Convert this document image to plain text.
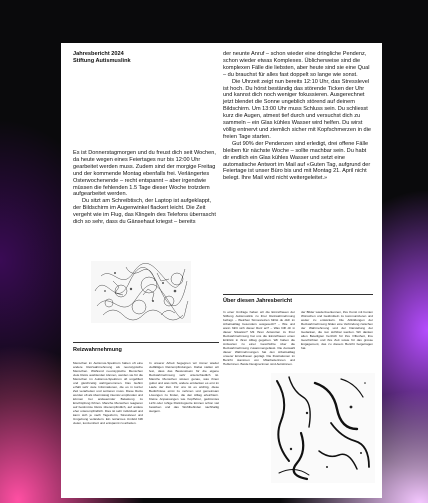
Jahresbericht 2024
Stiftung Autismuslink

Es ist Donnerstagmorgen und du freust dich seit Wochen, da heute wegen eines Feiertages nur bis 12:00 Uhr gearbeitet werden muss. Zudem sind der morgige Freitag und der kommende Montag ebenfalls frei. Verlängertes Osterwochenende – recht entspannt – aber irgendwie müssen die fehlenden 1.5 Tage dieser Woche trotzdem aufgearbeitet werden.

Du sitzt am Schreibtisch, der Laptop ist aufgeklappt, der Bildschirm im Augenwinkel flackert leicht. Die Zeit vergeht wie im Flug, das Klingeln des Telefons überrascht dich so sehr, dass du Gänsehaut kriegst – bereits

der neunte Anruf – schon wieder eine dringliche Pendenz, schon wieder etwas Komplexes. Üblicherweise sind die komplexen Fälle die liebsten, aber heute sind sie eine Qual – du brauchst für alles fast doppelt so lange wie sonst.

Die Uhrzeit zeigt nun bereits 12:10 Uhr, das Stresslevel ist hoch. Du hörst beständig das störende Ticken der Uhr und kannst dich noch weniger fokussieren. Ausgerechnet jetzt blendet die Sonne ungeblich störend auf deinem Bildschirm. Um 13:00 Uhr muss Schluss sein. Du schliesst kurz die Augen, atmest tief durch und versuchst dich zu sammeln – ein Glas kühles Wasser wird helfen. Du wirst völlig entnervt und ziemlich sicher mit Kopfschmerzen in die freien Tage starten.

Gut 90% der Pendenzen sind erledigt, drei offene Fälle bleiben für nächste Woche – sollte machbar sein. Du habt dir endlich ein Glas kühles Wasser und setzt eine automatische Antwort im Mail auf «Guten Tag, aufgrund der Feiertage ist unser Büro bis und mit Montag 21. April nicht belegt. Ihre Mail wird nicht weitergeleitet.»

Über diesen Jahresbericht
In einer Umfrage haben wir die Einzelfrauen der Stiftung Autismuslink zu ihrer Reizwahrnehmung befragt. – Welchen Sinnesreizen fühlst du dich im Arbeitsalltag besonders ausgesetzt? – Wie und wann fühlt sich dieser Reiz an? – Was hilft dir in dieser Situation? Mit Ihren Antworten zu Ihrer Reizwahrnehmung hat uns die Einzelfrauen einen Einblick in ihren Alltag gegeben. Wir haben die Antworten zu einer Geschichte über die Reizwahrnehmung zusammengefasst. Die Auswahl dieser Wahrnehmungen hat den Arbeitsalltag unserer Einzelfrauen geprägt. Die Illustrationen im Bericht stammen von Mitarbeiterinnen und Helferinnen. Beide Designerinnen sind Autistinnen.
der Bilder wiederzuerkennen, ihre Kunst mit bunten Wünschen und Geldmitteln zu kommunizieren und weiter zu entwickeln. Die Abbildungen der Reizwahrnehmung bilden eine Verbindung zwischen der Wahrnehmung und der Darstellung der Gedanken, die nun sichtbar werden. Wir danken allen Beteiligten herzlich für ihre Offenheit, ihre Geschichten und ihre Zeit sowie für das grosse Engagement, das zu diesem Bericht beigetragen hat.
Reizwahrnehmung
Menschen im Autismus-Spektrum haben oft eine andere Reizwahrnehmung als neurotypische Menschen. Während neurotypische Menschen viele Reize ausblenden können, werden sie für die Menschen im Autismus-Spektrum oft ungefiltert und gleichzeitig wahrgenommen. Das Gehirn erhält sehr viele Informationen, die es in kurzer Zeit verarbeiten und sortieren muss. Diese Reize werden oft als übermässig intensiv empfunden und können bei andauernder Belastung zu Erschöpfung führen. Manche Menschen reagieren auf bestimmte Reize überempfindlich, auf andere eher unterempfindlich. Dies ist sehr individuell und kann sich je nach Tagesform, Stresslevel und Umgebung verändern. Ein reizarmes Umfeld hilft vielen, konzentriert und entspannt zu arbeiten.
In unserer Arbeit begegnen wir immer wieder vielfältigen Reizempfindungen. Dabei stellen wir fest, dass das Bewusstsein für die eigene Reizwahrnehmung sehr unterschiedlich ist. Manche Menschen wissen genau, was ihnen guttut und was nicht, andere entdecken es erst im Laufe der Zeit. Für uns ist es wichtig, diese Bedürfnisse ernst zu nehmen und gemeinsam Lösungen zu finden, die den Alltag erleichtern. Kleine Anpassungen wie Kopfhörer, gedimmtes Licht oder ruhige Rückzugsorte können schon viel bewirken und das Wohlbefinden nachhaltig steigern.
